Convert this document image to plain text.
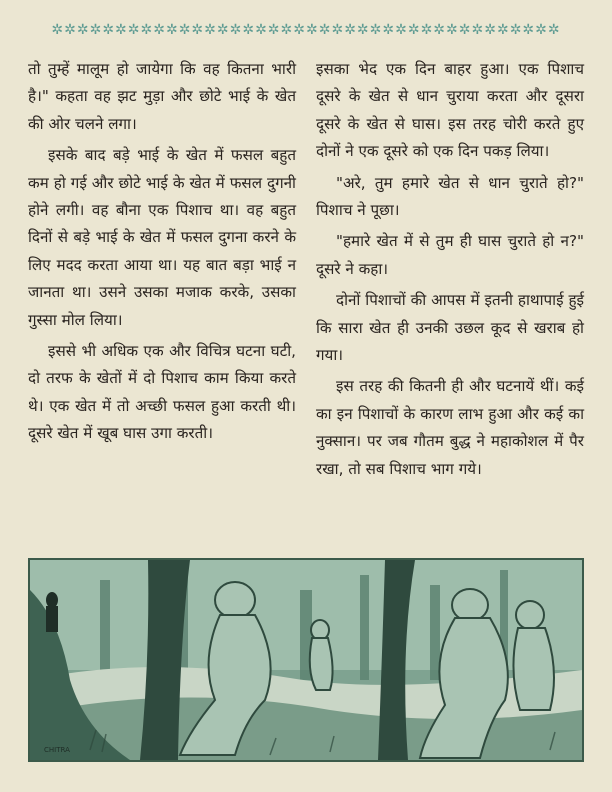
✲✲✲✲✲✲✲✲✲✲✲✲✲✲✲✲✲✲✲✲✲✲✲✲✲✲✲✲✲✲✲✲✲✲✲✲✲✲✲✲

तो तुम्हें मालूम हो जायेगा कि वह कितना भारी है।" कहता वह झट मुड़ा और छोटे भाई के खेत की ओर चलने लगा।

इसके बाद बड़े भाई के खेत में फसल बहुत कम हो गई और छोटे भाई के खेत में फसल दुगनी होने लगी। वह बौना एक पिशाच था। वह बहुत दिनों से बड़े भाई के खेत में फसल दुगना करने के लिए मदद करता आया था। यह बात बड़ा भाई न जानता था। उसने उसका मजाक करके, उसका गुस्सा मोल लिया।

इससे भी अधिक एक और विचित्र घटना घटी, दो तरफ के खेतों में दो पिशाच काम किया करते थे। एक खेत में तो अच्छी फसल हुआ करती थी। दूसरे खेत में खूब घास उगा करती।

इसका भेद एक दिन बाहर हुआ। एक पिशाच दूसरे के खेत से धान चुराया करता और दूसरा दूसरे के खेत से घास। इस तरह चोरी करते हुए दोनों ने एक दूसरे को एक दिन पकड़ लिया।

"अरे, तुम हमारे खेत से धान चुराते हो?" पिशाच ने पूछा।

"हमारे खेत में से तुम ही घास चुराते हो न?" दूसरे ने कहा।

दोनों पिशाचों की आपस में इतनी हाथापाई हुई कि सारा खेत ही उनकी उछल कूद से खराब हो गया।

इस तरह की कितनी ही और घटनायें थीं। कई का इन पिशाचों के कारण लाभ हुआ और कई का नुक्सान। पर जब गौतम बुद्ध ने महाकोशल में पैर रखा, तो सब पिशाच भाग गये।

CHITRA
